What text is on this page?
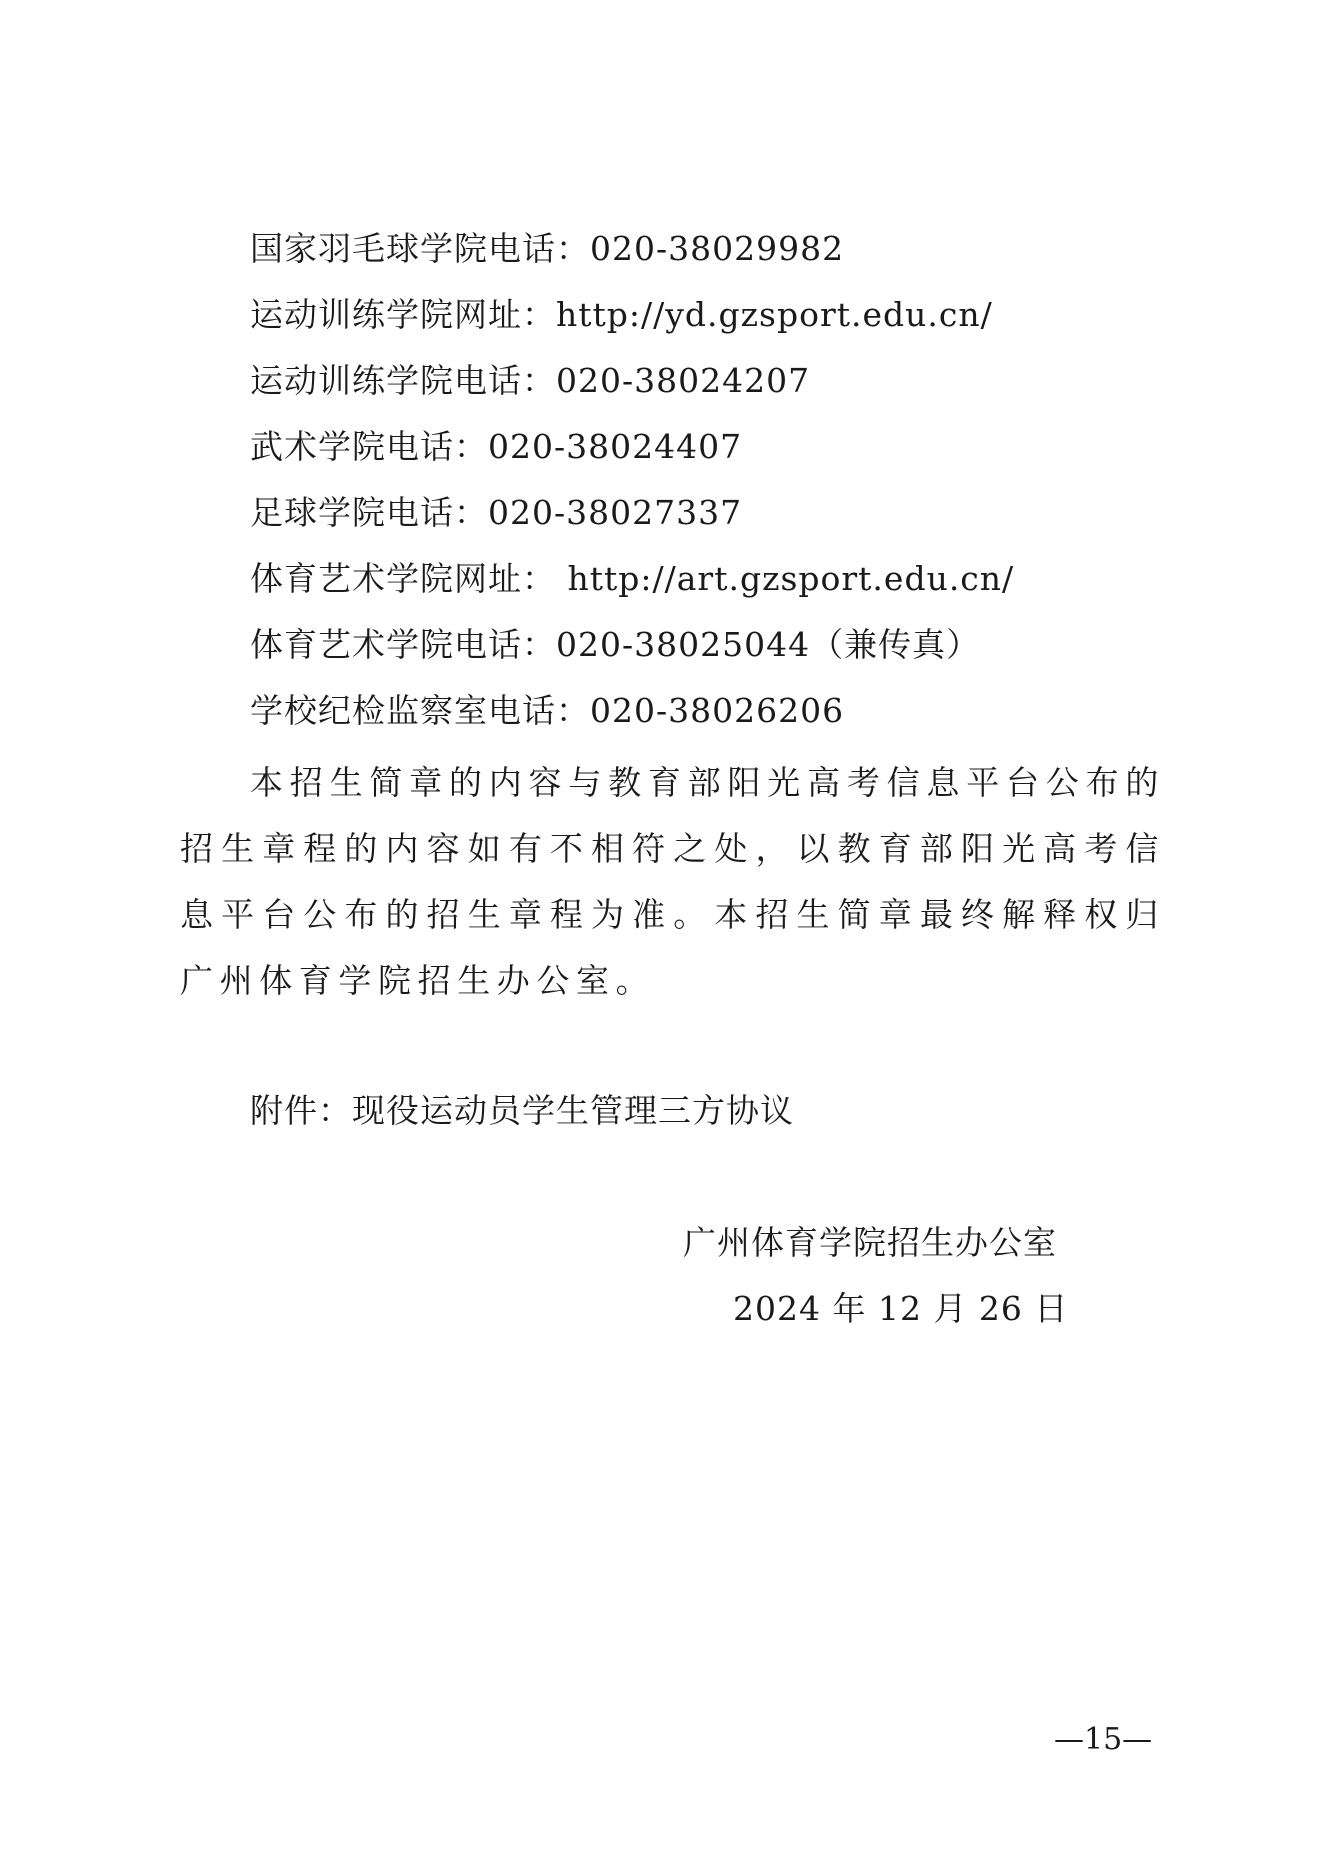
国家羽毛球学院电话：020-38029982
运动训练学院网址：http://yd.gzsport.edu.cn/
运动训练学院电话：020-38024207
武术学院电话：020-38024407
足球学院电话：020-38027337
体育艺术学院网址： http://art.gzsport.edu.cn/
体育艺术学院电话：020-38025044（兼传真）
学校纪检监察室电话：020-38026206
本招生简章的内容与教育部阳光高考信息平台公布的招生章程的内容如有不相符之处，以教育部阳光高考信息平台公布的招生章程为准。本招生简章最终解释权归广州体育学院招生办公室。
附件：现役运动员学生管理三方协议
广州体育学院招生办公室
2024 年 12 月 26 日
—15—
